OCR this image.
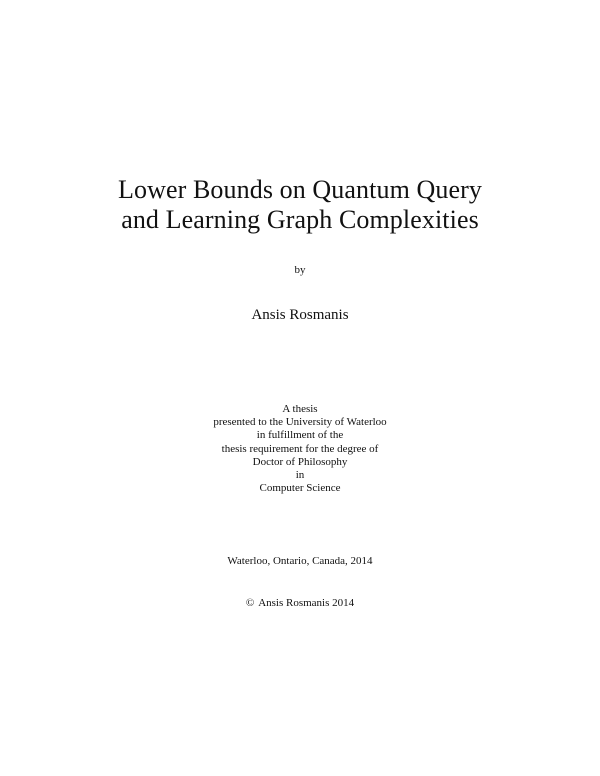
Lower Bounds on Quantum Query
and Learning Graph Complexities
by
Ansis Rosmanis
A thesis
presented to the University of Waterloo
in fulfillment of the
thesis requirement for the degree of
Doctor of Philosophy
in
Computer Science
Waterloo, Ontario, Canada, 2014
© Ansis Rosmanis 2014
